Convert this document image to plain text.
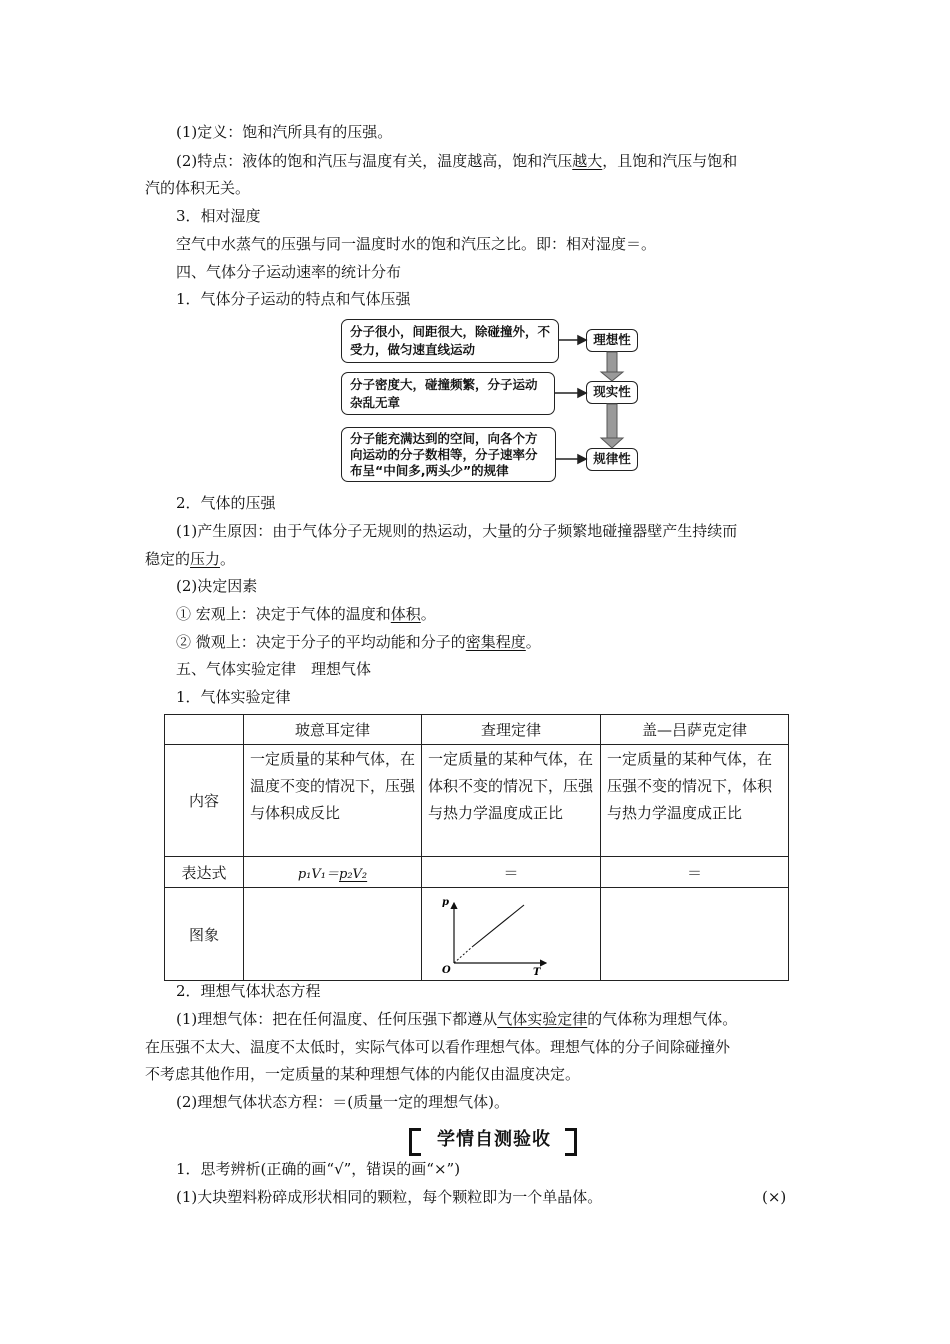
(1)定义：饱和汽所具有的压强。
(2)特点：液体的饱和汽压与温度有关，温度越高，饱和汽压越大，且饱和汽压与饱和
汽的体积无关。
3．相对湿度
空气中水蒸气的压强与同一温度时水的饱和汽压之比。即：相对湿度＝。
四、气体分子运动速率的统计分布
1．气体分子运动的特点和气体压强
分子很小，间距很大，除碰撞外，不受力，做匀速直线运动
分子密度大，碰撞频繁，分子运动杂乱无章
分子能充满达到的空间，向各个方向运动的分子数相等，分子速率分布呈“中间多,两头少”的规律
理想性
现实性
规律性
2．气体的压强
(1)产生原因：由于气体分子无规则的热运动，大量的分子频繁地碰撞器壁产生持续而
稳定的压力。
(2)决定因素
① 宏观上：决定于气体的温度和体积。
② 微观上：决定于分子的平均动能和分子的密集程度。
五、气体实验定律　理想气体
1．气体实验定律
	玻意耳定律	查理定律	盖—吕萨克定律
内容	一定质量的某种气体，在温度不变的情况下，压强与体积成反比	一定质量的某种气体，在体积不变的情况下，压强与热力学温度成正比	一定质量的某种气体，在压强不变的情况下，体积与热力学温度成正比
表达式	p₁V₁＝p₂V₂	＝	＝
图象		p
T
O	

2．理想气体状态方程
(1)理想气体：把在任何温度、任何压强下都遵从气体实验定律的气体称为理想气体。
在压强不太大、温度不太低时，实际气体可以看作理想气体。理想气体的分子间除碰撞外
不考虑其他作用，一定质量的某种理想气体的内能仅由温度决定。
(2)理想气体状态方程：＝(质量一定的理想气体)。
学情自测验收
1．思考辨析(正确的画“√”，错误的画“×”)
(1)大块塑料粉碎成形状相同的颗粒，每个颗粒即为一个单晶体。	(×)
